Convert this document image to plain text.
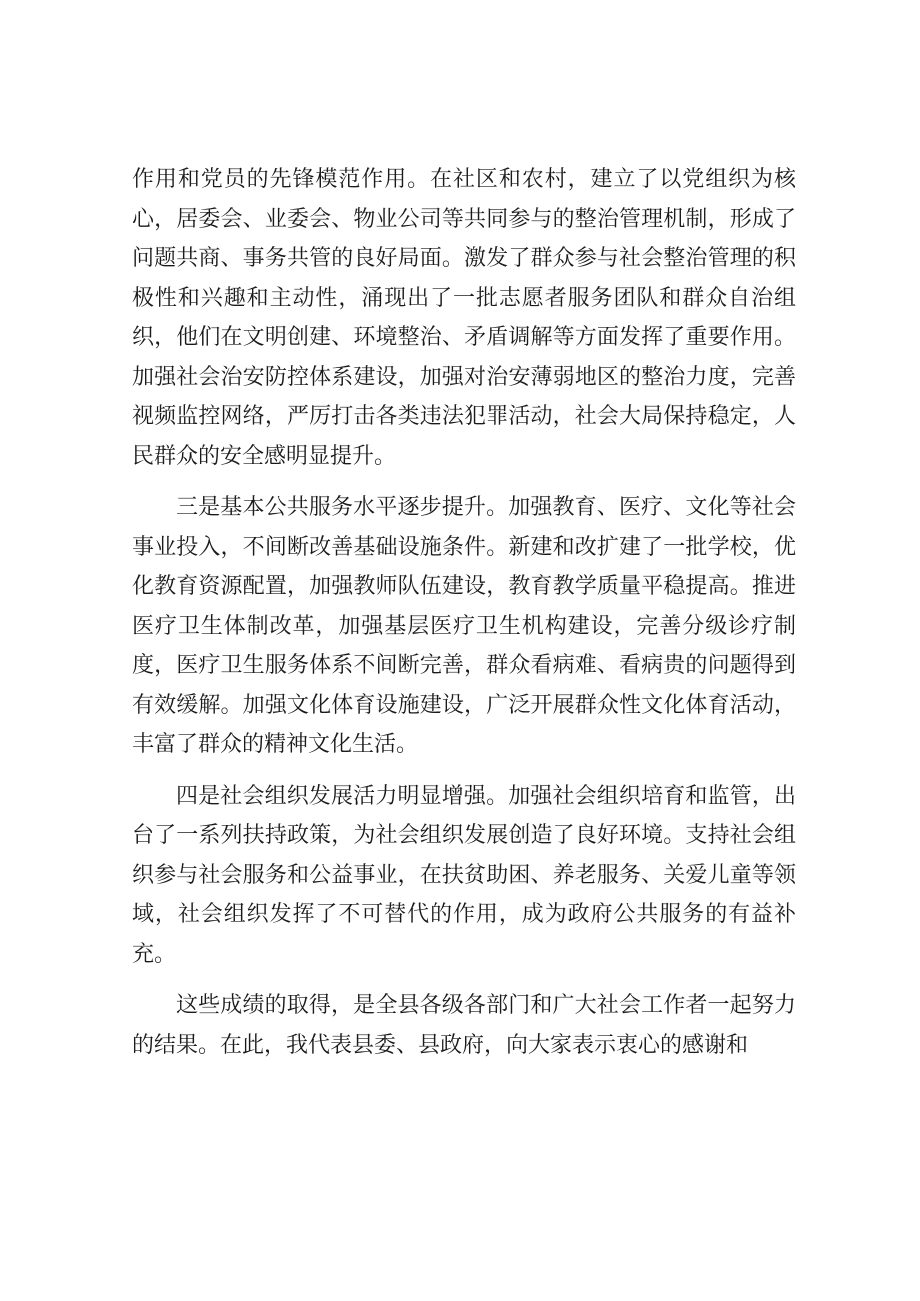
作用和党员的先锋模范作用。在社区和农村，建立了以党组织为核心，居委会、业委会、物业公司等共同参与的整治管理机制，形成了问题共商、事务共管的良好局面。激发了群众参与社会整治管理的积极性和兴趣和主动性，涌现出了一批志愿者服务团队和群众自治组织，他们在文明创建、环境整治、矛盾调解等方面发挥了重要作用。加强社会治安防控体系建设，加强对治安薄弱地区的整治力度，完善视频监控网络，严厉打击各类违法犯罪活动，社会大局保持稳定，人民群众的安全感明显提升。

三是基本公共服务水平逐步提升。加强教育、医疗、文化等社会事业投入，不间断改善基础设施条件。新建和改扩建了一批学校，优化教育资源配置，加强教师队伍建设，教育教学质量平稳提高。推进医疗卫生体制改革，加强基层医疗卫生机构建设，完善分级诊疗制度，医疗卫生服务体系不间断完善，群众看病难、看病贵的问题得到有效缓解。加强文化体育设施建设，广泛开展群众性文化体育活动，丰富了群众的精神文化生活。

四是社会组织发展活力明显增强。加强社会组织培育和监管，出台了一系列扶持政策，为社会组织发展创造了良好环境。支持社会组织参与社会服务和公益事业，在扶贫助困、养老服务、关爱儿童等领域，社会组织发挥了不可替代的作用，成为政府公共服务的有益补充。

这些成绩的取得，是全县各级各部门和广大社会工作者一起努力的结果。在此，我代表县委、县政府，向大家表示衷心的感谢和
